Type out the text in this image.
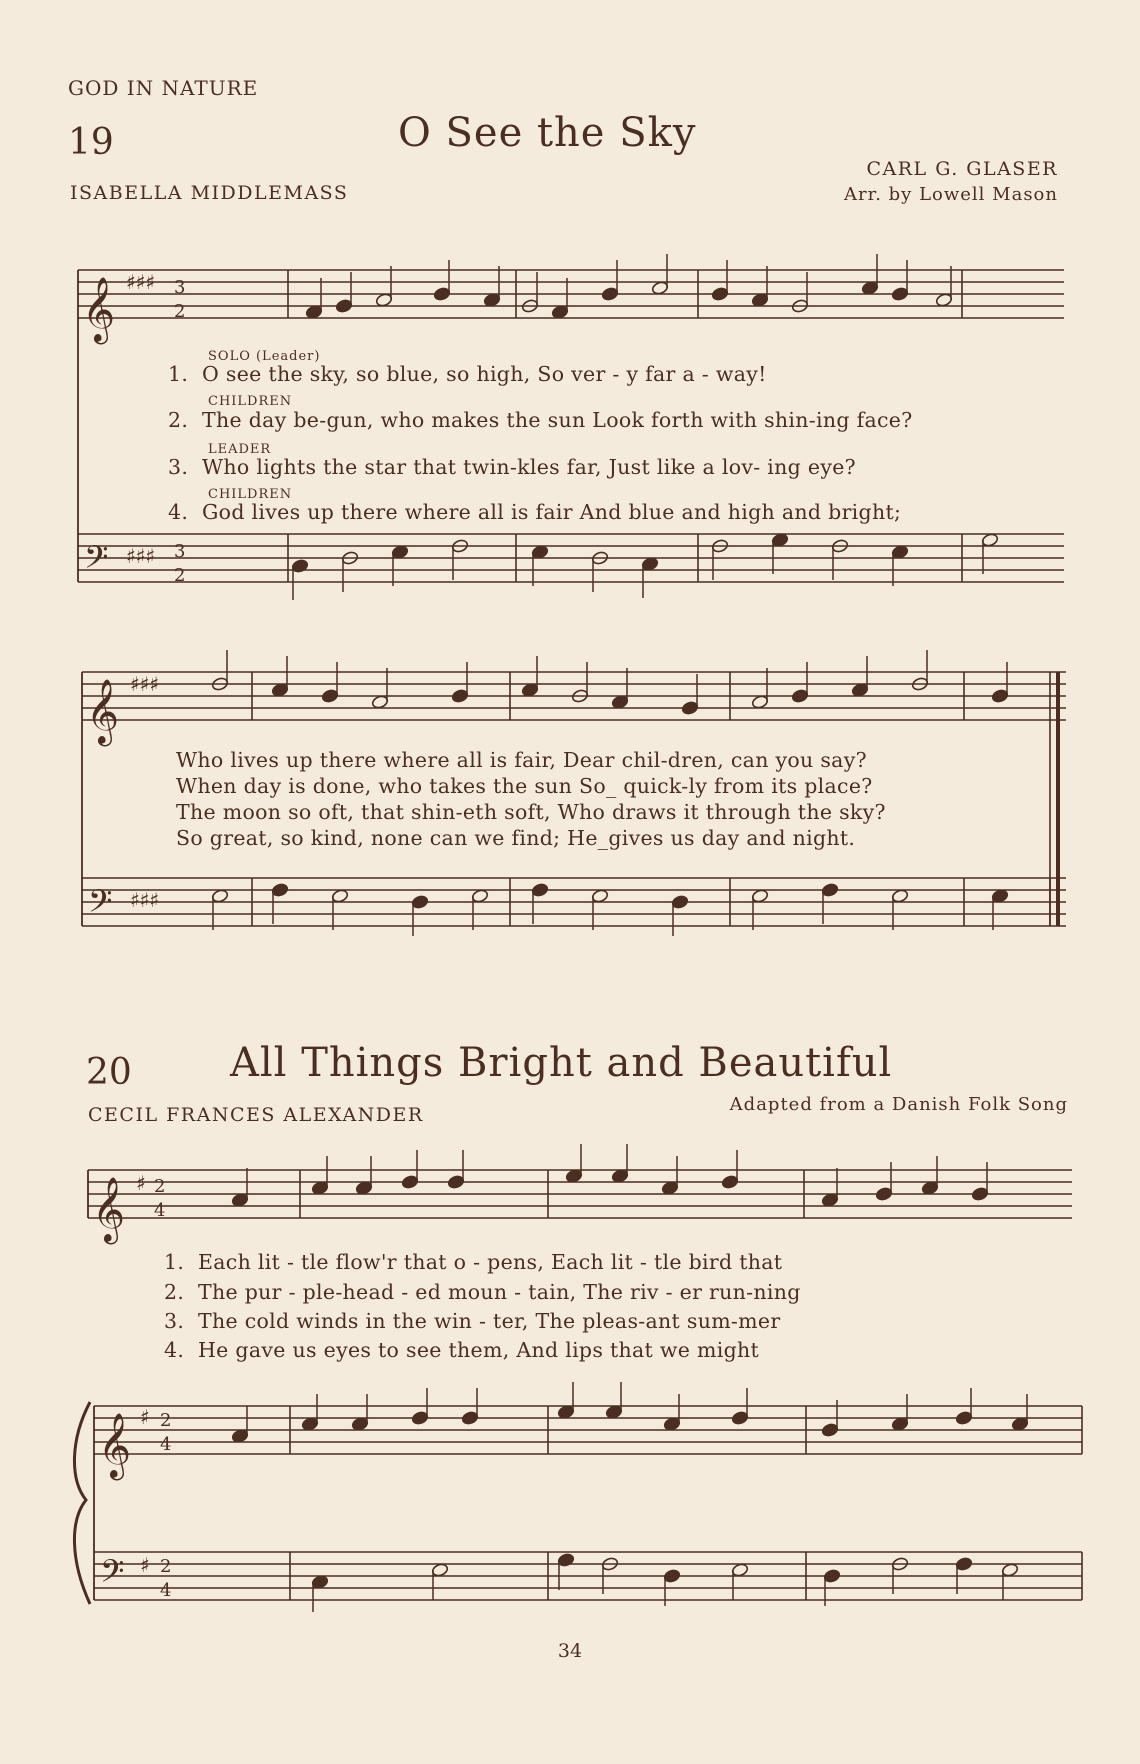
𝄞
𝄢
♯♯♯
♯♯♯
3
2
3
2
𝄞
𝄢
♯♯♯
♯♯♯
𝄞 ♯ 2
4
𝄞
𝄢
♯
♯
2
4
2
4
GOD IN NATURE
19	O See the Sky
ISABELLA MIDDLEMASS
CARL G. GLASER
Arr. by Lowell Mason
SOLO (Leader)
CHILDREN
LEADER
CHILDREN
1. O see the sky, so blue, so high, So ver - y far a - way!
2. The day be-gun, who makes the sun Look forth with shin-ing face?
3. Who lights the star that twin-kles far, Just like a lov- ing eye?
4. God lives up there where all is fair And blue and high and bright;
Who lives up there where all is fair, Dear chil-dren, can you say?
When day is done, who takes the sun So_ quick-ly from its place?
The moon so oft, that shin-eth soft, Who draws it through the sky?
So great, so kind, none can we find; He_gives us day and night.
20 All Things Bright and Beautiful
CECIL FRANCES ALEXANDER	Adapted from a Danish Folk Song
1. Each lit - tle flow'r that o - pens, Each lit - tle bird that
2. The pur - ple-head - ed moun - tain, The riv - er run-ning
3. The cold winds in the win - ter, The pleas-ant sum-mer
4. He gave us eyes to see them, And lips that we might
34
